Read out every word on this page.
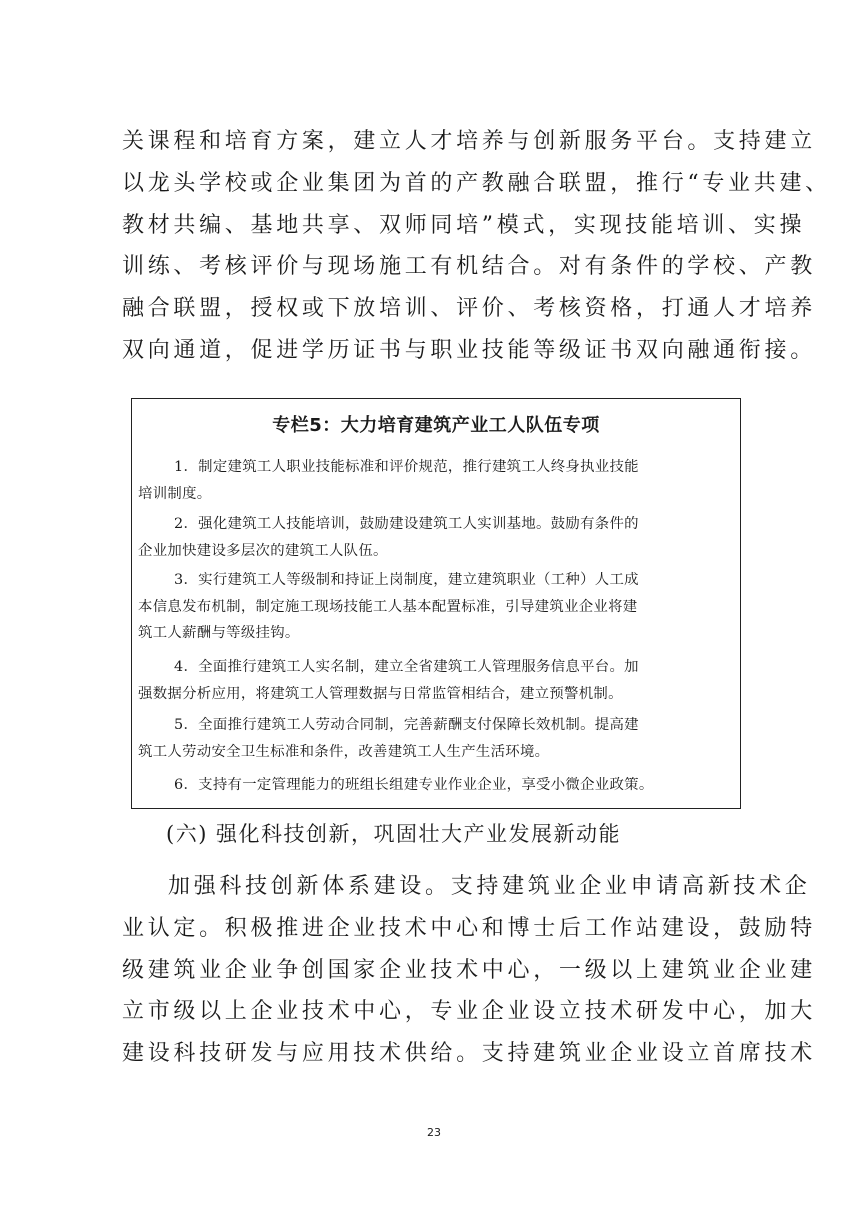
关课程和培育方案，建立人才培养与创新服务平台。支持建立
以龙头学校或企业集团为首的产教融合联盟，推行“专业共建、
教材共编、基地共享、双师同培”模式，实现技能培训、实操
训练、考核评价与现场施工有机结合。对有条件的学校、产教
融合联盟，授权或下放培训、评价、考核资格，打通人才培养
双向通道，促进学历证书与职业技能等级证书双向融通衔接。
专栏5：大力培育建筑产业工人队伍专项
1．制定建筑工人职业技能标准和评价规范，推行建筑工人终身执业技能
培训制度。
2．强化建筑工人技能培训，鼓励建设建筑工人实训基地。鼓励有条件的
企业加快建设多层次的建筑工人队伍。
3．实行建筑工人等级制和持证上岗制度，建立建筑职业（工种）人工成
本信息发布机制，制定施工现场技能工人基本配置标准，引导建筑业企业将建
筑工人薪酬与等级挂钩。
4．全面推行建筑工人实名制，建立全省建筑工人管理服务信息平台。加
强数据分析应用，将建筑工人管理数据与日常监管相结合，建立预警机制。
5．全面推行建筑工人劳动合同制，完善薪酬支付保障长效机制。提高建
筑工人劳动安全卫生标准和条件，改善建筑工人生产生活环境。
6．支持有一定管理能力的班组长组建专业作业企业，享受小微企业政策。
(六) 强化科技创新，巩固壮大产业发展新动能
加强科技创新体系建设。支持建筑业企业申请高新技术企
业认定。积极推进企业技术中心和博士后工作站建设，鼓励特
级建筑业企业争创国家企业技术中心，一级以上建筑业企业建
立市级以上企业技术中心，专业企业设立技术研发中心，加大
建设科技研发与应用技术供给。支持建筑业企业设立首席技术
23
